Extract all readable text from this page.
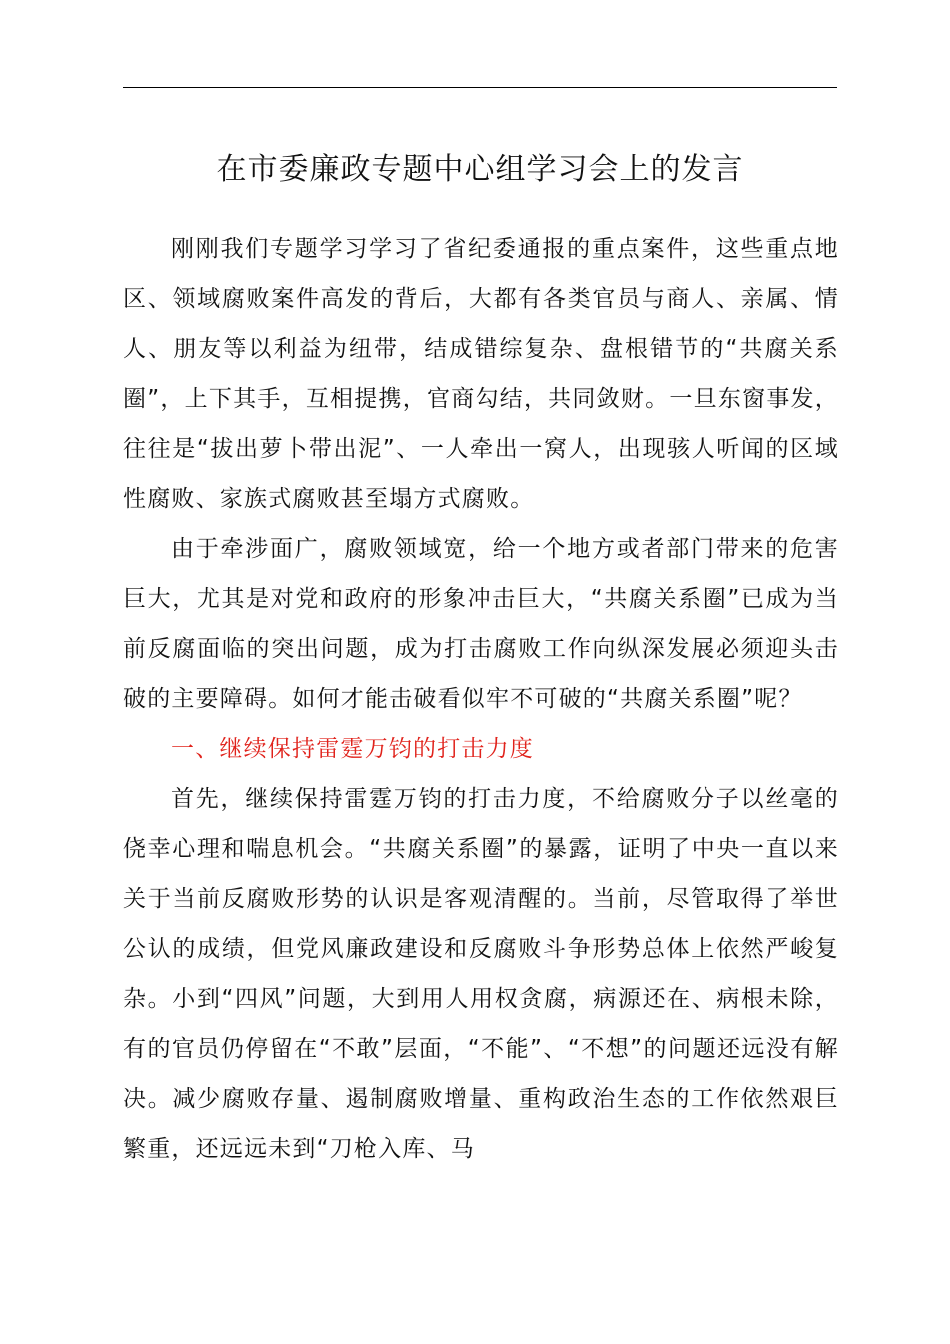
在市委廉政专题中心组学习会上的发言

刚刚我们专题学习学习了省纪委通报的重点案件，这些重点地区、领域腐败案件高发的背后，大都有各类官员与商人、亲属、情人、朋友等以利益为纽带，结成错综复杂、盘根错节的“共腐关系圈”，上下其手，互相提携，官商勾结，共同敛财。一旦东窗事发，往往是“拔出萝卜带出泥”、一人牵出一窝人，出现骇人听闻的区域性腐败、家族式腐败甚至塌方式腐败。

由于牵涉面广，腐败领域宽，给一个地方或者部门带来的危害巨大，尤其是对党和政府的形象冲击巨大，“共腐关系圈”已成为当前反腐面临的突出问题，成为打击腐败工作向纵深发展必须迎头击破的主要障碍。如何才能击破看似牢不可破的“共腐关系圈”呢？

一、继续保持雷霆万钧的打击力度

首先，继续保持雷霆万钧的打击力度，不给腐败分子以丝毫的侥幸心理和喘息机会。“共腐关系圈”的暴露，证明了中央一直以来关于当前反腐败形势的认识是客观清醒的。当前，尽管取得了举世公认的成绩，但党风廉政建设和反腐败斗争形势总体上依然严峻复杂。小到“四风”问题，大到用人用权贪腐，病源还在、病根未除，有的官员仍停留在“不敢”层面，“不能”、“不想”的问题还远没有解决。减少腐败存量、遏制腐败增量、重构政治生态的工作依然艰巨繁重，还远远未到“刀枪入库、马
